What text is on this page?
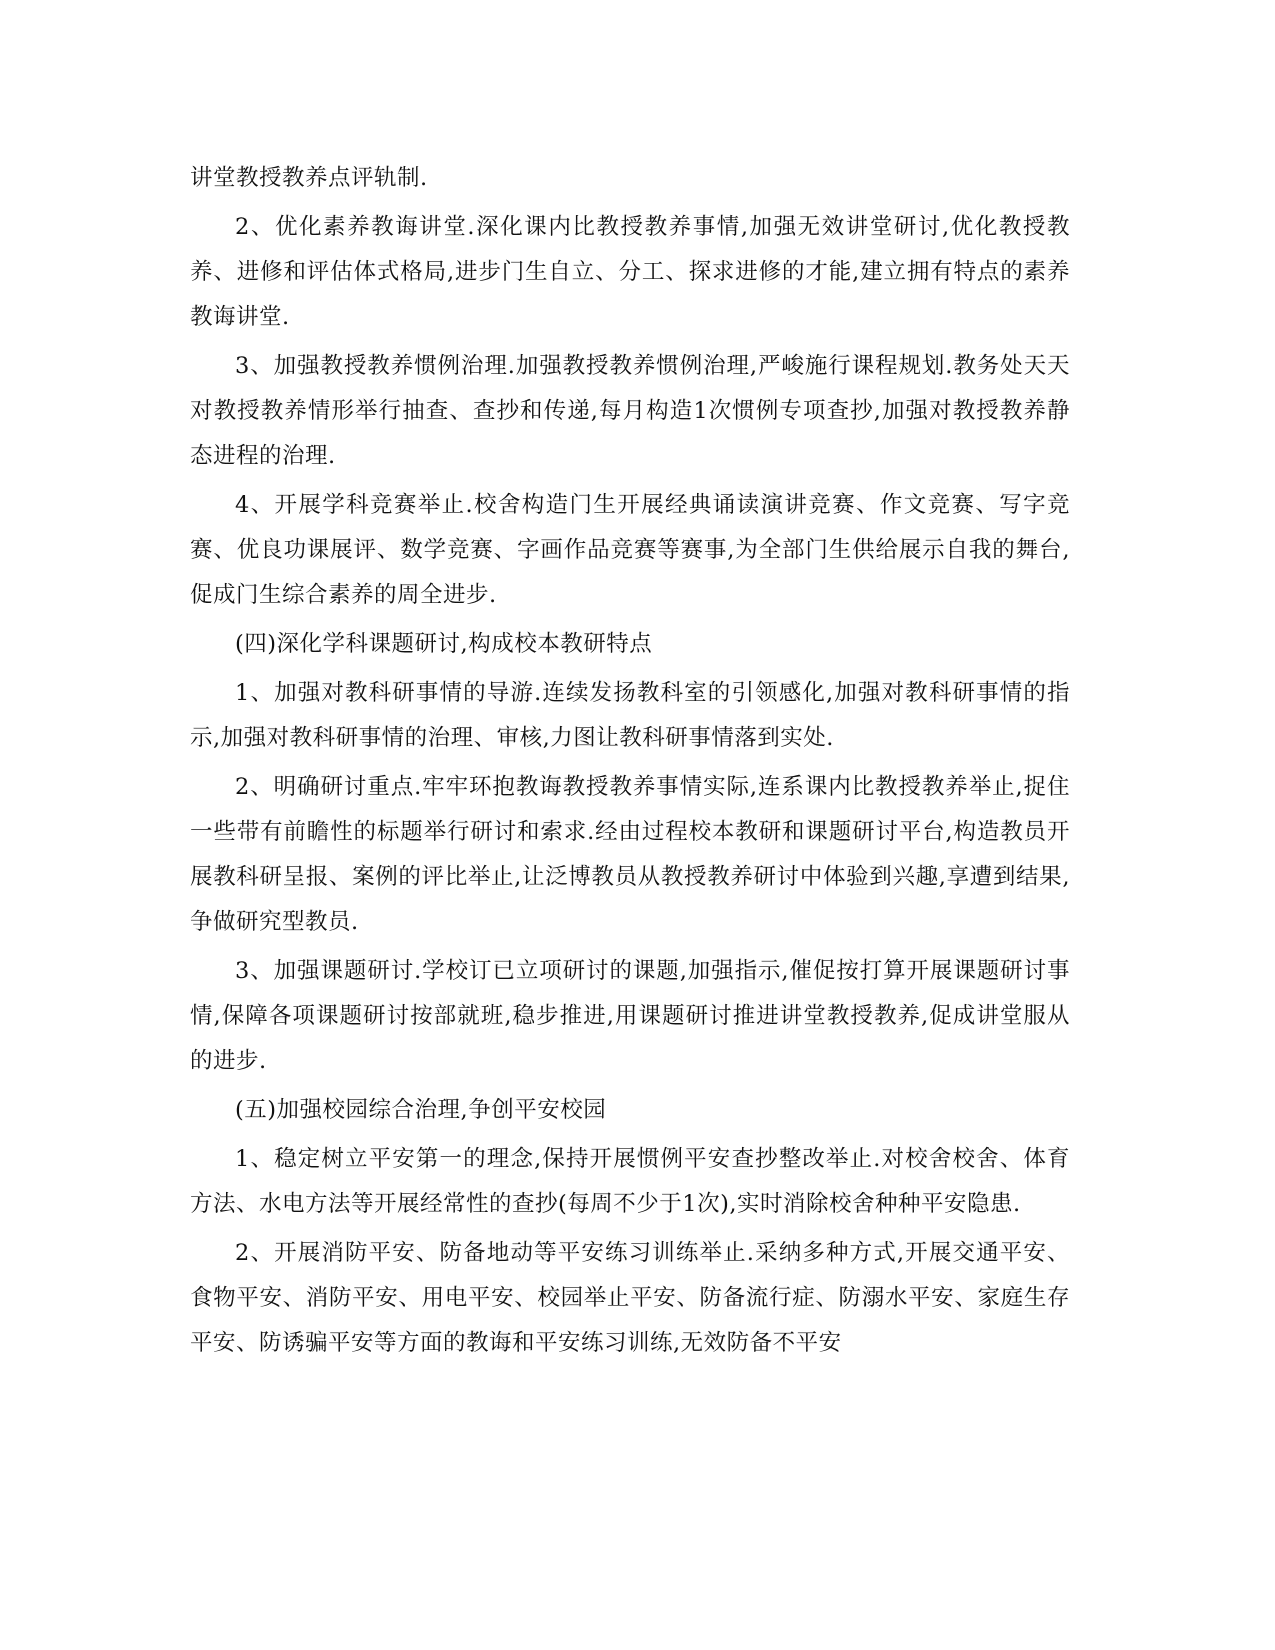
讲堂教授教养点评轨制.

2、优化素养教诲讲堂.深化课内比教授教养事情,加强无效讲堂研讨,优化教授教养、进修和评估体式格局,进步门生自立、分工、探求进修的才能,建立拥有特点的素养教诲讲堂.

3、加强教授教养惯例治理.加强教授教养惯例治理,严峻施行课程规划.教务处天天对教授教养情形举行抽查、查抄和传递,每月构造1次惯例专项查抄,加强对教授教养静态进程的治理.

4、开展学科竞赛举止.校舍构造门生开展经典诵读演讲竞赛、作文竞赛、写字竞赛、优良功课展评、数学竞赛、字画作品竞赛等赛事,为全部门生供给展示自我的舞台,促成门生综合素养的周全进步.

(四)深化学科课题研讨,构成校本教研特点

1、加强对教科研事情的导游.连续发扬教科室的引领感化,加强对教科研事情的指示,加强对教科研事情的治理、审核,力图让教科研事情落到实处.

2、明确研讨重点.牢牢环抱教诲教授教养事情实际,连系课内比教授教养举止,捉住一些带有前瞻性的标题举行研讨和索求.经由过程校本教研和课题研讨平台,构造教员开展教科研呈报、案例的评比举止,让泛博教员从教授教养研讨中体验到兴趣,享遭到结果,争做研究型教员.

3、加强课题研讨.学校订已立项研讨的课题,加强指示,催促按打算开展课题研讨事情,保障各项课题研讨按部就班,稳步推进,用课题研讨推进讲堂教授教养,促成讲堂服从的进步.

(五)加强校园综合治理,争创平安校园

1、稳定树立平安第一的理念,保持开展惯例平安查抄整改举止.对校舍校舍、体育方法、水电方法等开展经常性的查抄(每周不少于1次),实时消除校舍种种平安隐患.

2、开展消防平安、防备地动等平安练习训练举止.采纳多种方式,开展交通平安、食物平安、消防平安、用电平安、校园举止平安、防备流行症、防溺水平安、家庭生存平安、防诱骗平安等方面的教诲和平安练习训练,无效防备不平安
